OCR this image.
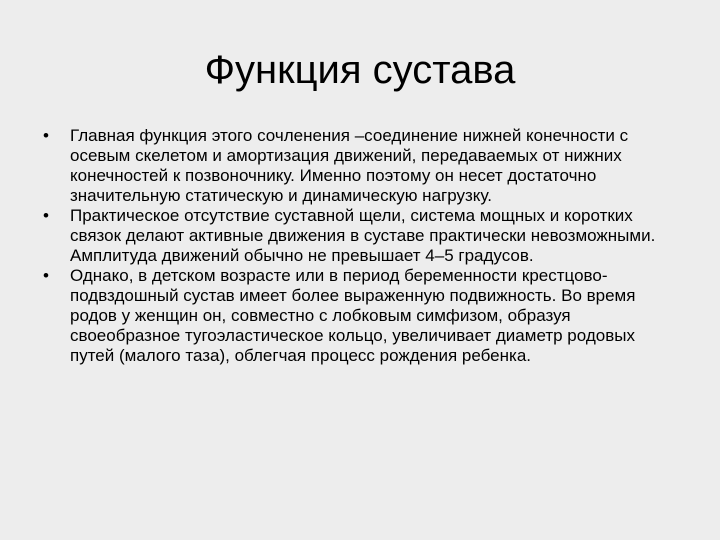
Функция сустава
•	Главная функция этого сочленения –соединение нижней конечности с осевым скелетом и амортизация движений, передаваемых от нижних конечностей к позвоночнику. Именно поэтому он несет достаточно значительную статическую и динамическую нагрузку.
•	Практическое отсутствие суставной щели, система мощных и коротких связок делают активные движения в суставе практически невозможными. Амплитуда движений обычно не превышает 4–5 градусов.
•	Однако, в детском возрасте или в период беременности крестцово-подвздошный сустав имеет более выраженную подвижность. Во время родов у женщин он, совместно с лобковым симфизом, образуя своеобразное тугоэластическое кольцо, увеличивает диаметр родовых путей (малого таза), облегчая процесс рождения ребенка.
